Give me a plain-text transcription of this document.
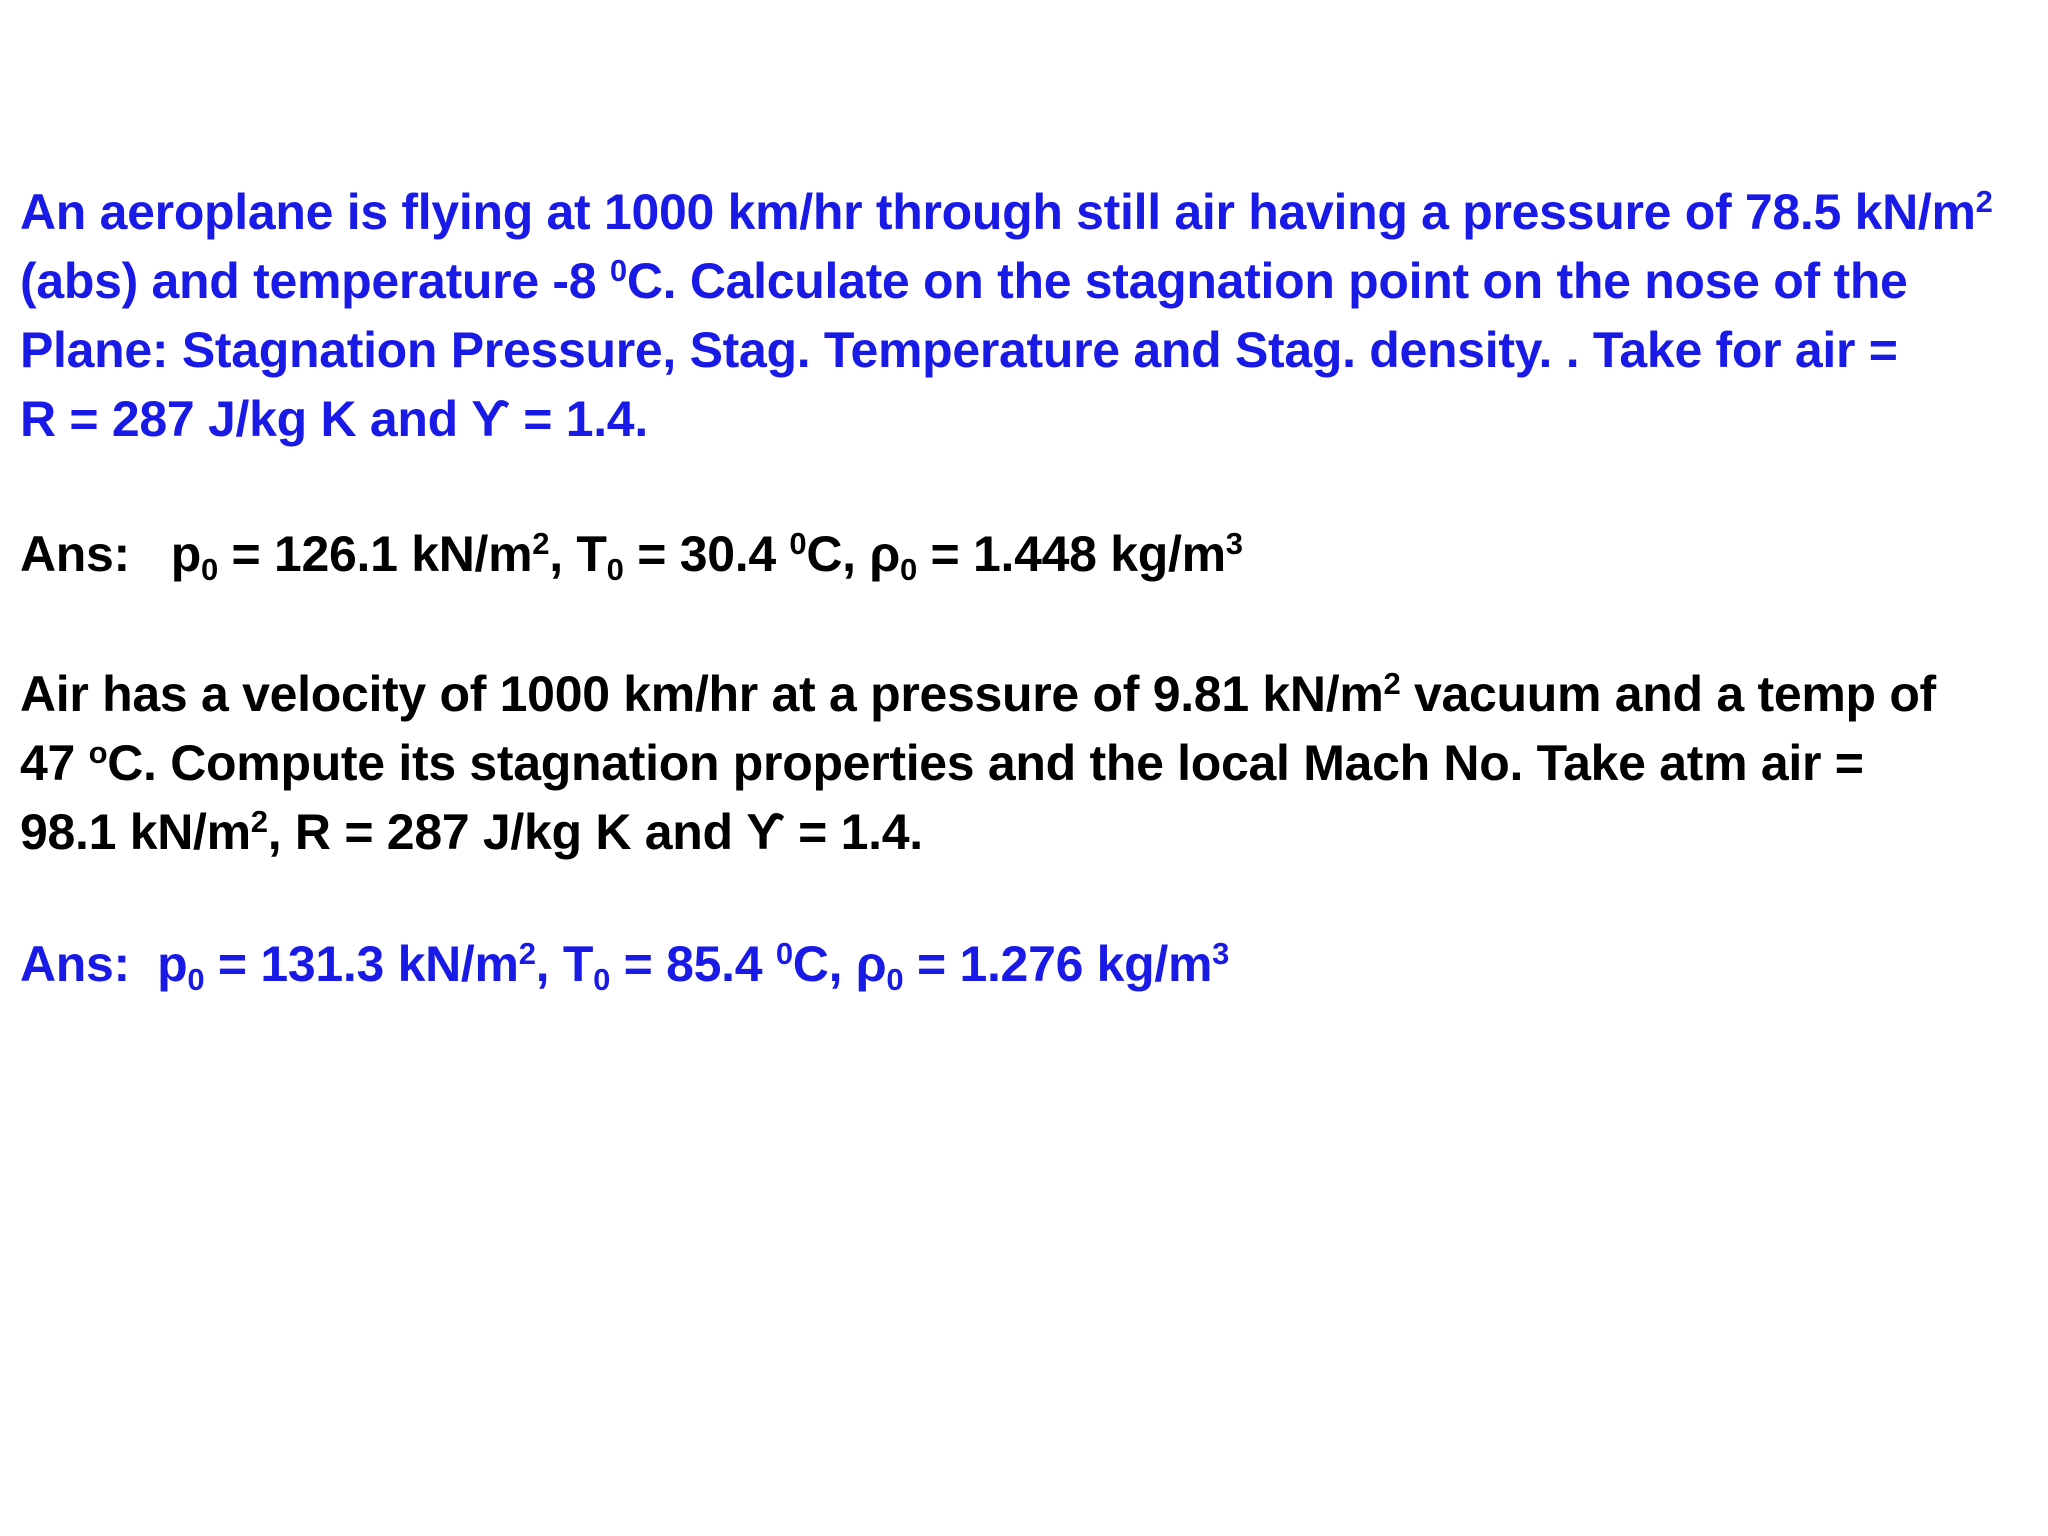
An aeroplane is flying at 1000 km/hr through still air having a pressure of 78.5 $kN/m^2$
(abs) and temperature -8 $^0$C. Calculate on the stagnation point on the nose of the
Plane: Stagnation Pressure, Stag. Temperature and Stag. density. . Take for air =
R = 287 J/kg K and ϒ = 1.4.
Ans: $p_0 = 126.1$ $kN/m^2$, $T_0 = 30.4$ $^0$C, $\rho_0 = 1.448$ $kg/m^3$
Air has a velocity of 1000 km/hr at a pressure of 9.81 $kN/m^2$ vacuum and a temp of
47 $^o$C. Compute its stagnation properties and the local Mach No. Take atm air =
98.1 $kN/m^2$, R = 287 J/kg K and ϒ = 1.4.
Ans: $p_0 = 131.3$ $kN/m^2$, $T_0 = 85.4$ $^0$C, $\rho_0 = 1.276$ $kg/m^3$
